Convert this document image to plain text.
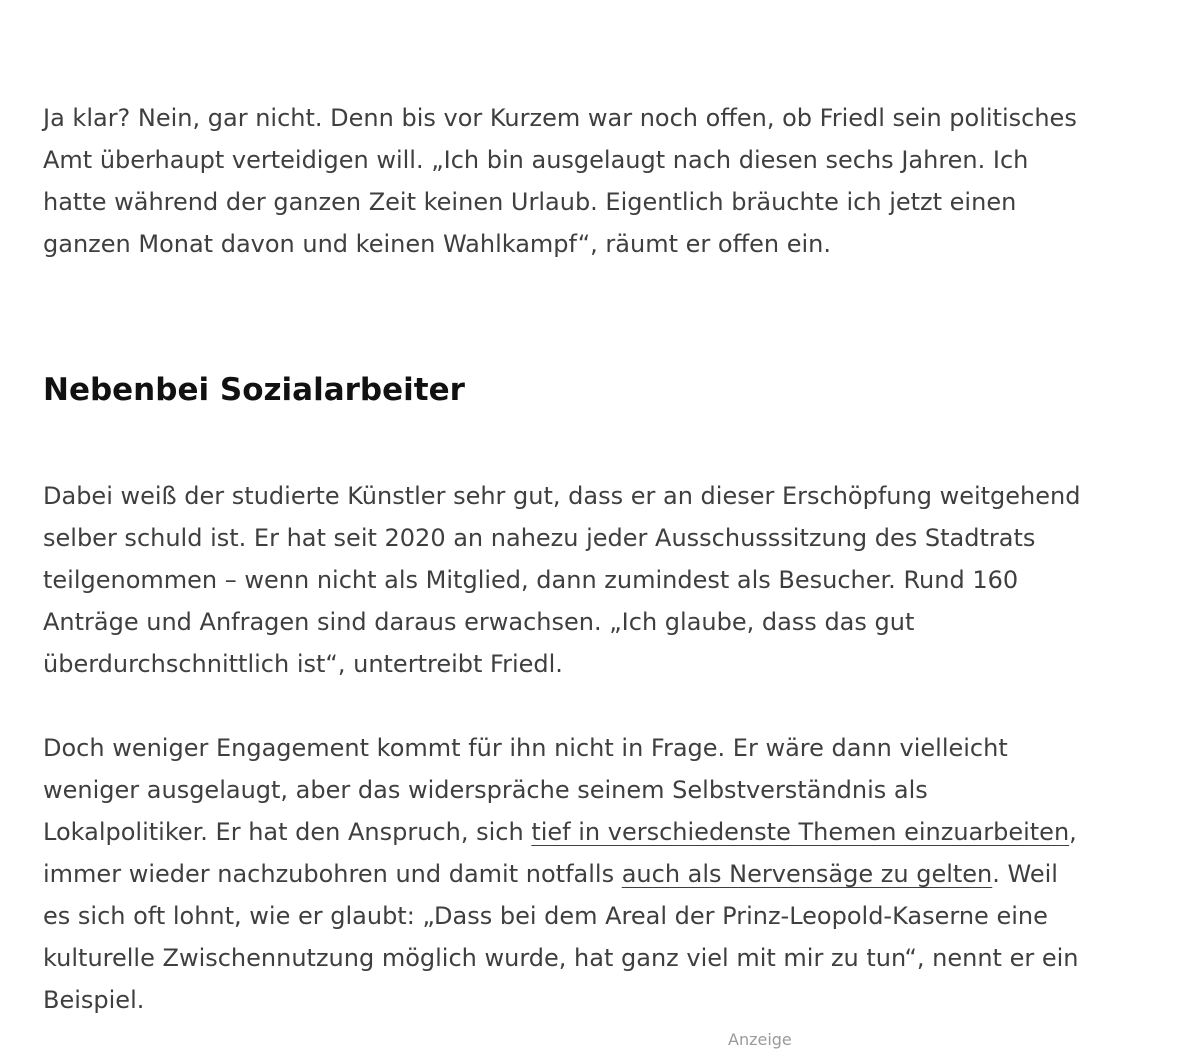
Ja klar? Nein, gar nicht. Denn bis vor Kurzem war noch offen, ob Friedl sein politisches Amt überhaupt verteidigen will. „Ich bin ausgelaugt nach diesen sechs Jahren. Ich hatte während der ganzen Zeit keinen Urlaub. Eigentlich bräuchte ich jetzt einen ganzen Monat davon und keinen Wahlkampf“, räumt er offen ein.

Nebenbei Sozialarbeiter

Dabei weiß der studierte Künstler sehr gut, dass er an dieser Erschöpfung weitgehend selber schuld ist. Er hat seit 2020 an nahezu jeder Ausschusssitzung des Stadtrats teilgenommen – wenn nicht als Mitglied, dann zumindest als Besucher. Rund 160 Anträge und Anfragen sind daraus erwachsen. „Ich glaube, dass das gut überdurchschnittlich ist“, untertreibt Friedl.

Doch weniger Engagement kommt für ihn nicht in Frage. Er wäre dann vielleicht weniger ausgelaugt, aber das widerspräche seinem Selbstverständnis als Lokalpolitiker. Er hat den Anspruch, sich tief in verschiedenste Themen einzuarbeiten, immer wieder nachzubohren und damit notfalls auch als Nervensäge zu gelten. Weil es sich oft lohnt, wie er glaubt: „Dass bei dem Areal der Prinz-Leopold-Kaserne eine kulturelle Zwischennutzung möglich wurde, hat ganz viel mit mir zu tun“, nennt er ein Beispiel.

Anzeige
